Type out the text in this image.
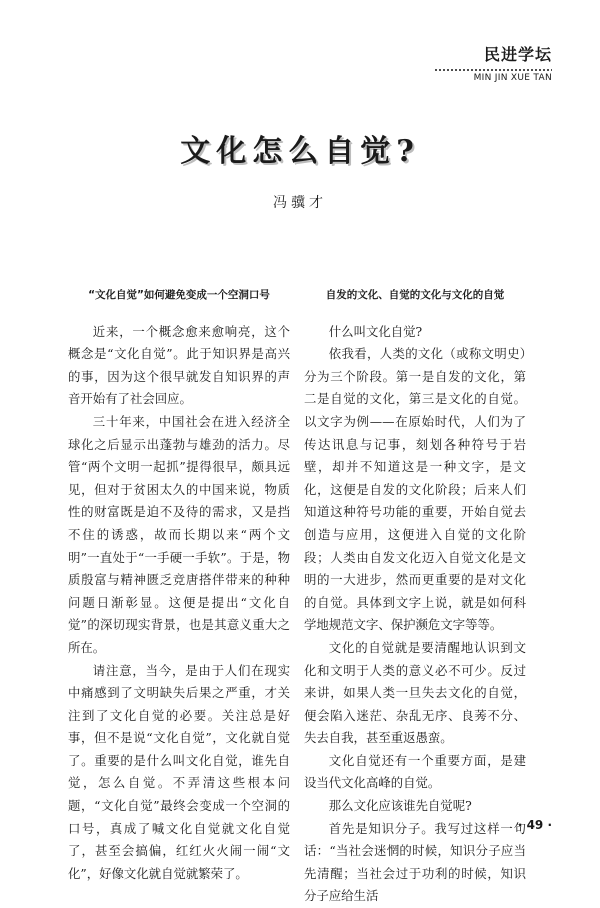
民进学坛
MIN JIN XUE TAN
文化怎么自觉?
冯骥才
“文化自觉”如何避免变成一个空洞口号

近来，一个概念愈来愈响亮，这个概念是“文化自觉”。此于知识界是高兴的事，因为这个很早就发自知识界的声音开始有了社会回应。

三十年来，中国社会在进入经济全球化之后显示出蓬勃与雄劲的活力。尽管“两个文明一起抓”提得很早，颇具远见，但对于贫困太久的中国来说，物质性的财富既是迫不及待的需求，又是挡不住的诱惑，故而长期以来“两个文明”一直处于“一手硬一手软”。于是，物质殷富与精神匮乏竞唐搭伴带来的种种问题日渐彰显。这便是提出“文化自觉”的深切现实背景，也是其意义重大之所在。

请注意，当今，是由于人们在现实中痛感到了文明缺失后果之严重，才关注到了文化自觉的必要。关注总是好事，但不是说“文化自觉”，文化就自觉了。重要的是什么叫文化自觉，谁先自觉，怎么自觉。不弄清这些根本问题，“文化自觉”最终会变成一个空洞的口号，真成了喊文化自觉就文化自觉了，甚至会搞偏，红红火火闹一闹“文化”，好像文化就自觉就繁荣了。

自发的文化、自觉的文化与文化的自觉

什么叫文化自觉?

依我看，人类的文化（或称文明史）分为三个阶段。第一是自发的文化，第二是自觉的文化，第三是文化的自觉。以文字为例——在原始时代，人们为了传达讯息与记事，刻划各种符号于岩壁，却并不知道这是一种文字，是文化，这便是自发的文化阶段；后来人们知道这种符号功能的重要，开始自觉去创造与应用，这便进入自觉的文化阶段；人类由自发文化迈入自觉文化是文明的一大进步，然而更重要的是对文化的自觉。具体到文字上说，就是如何科学地规范文字、保护濒危文字等等。

文化的自觉就是要清醒地认识到文化和文明于人类的意义必不可少。反过来讲，如果人类一旦失去文化的自觉，便会陷入迷茫、杂乱无序、良莠不分、失去自我，甚至重返愚蛮。

文化自觉还有一个重要方面，是建设当代文化高峰的自觉。

那么文化应该谁先自觉呢?

首先是知识分子。我写过这样一句话：“当社会迷惘的时候，知识分子应当先清醒；当社会过于功利的时候，知识分子应给生活

· 49 ·
